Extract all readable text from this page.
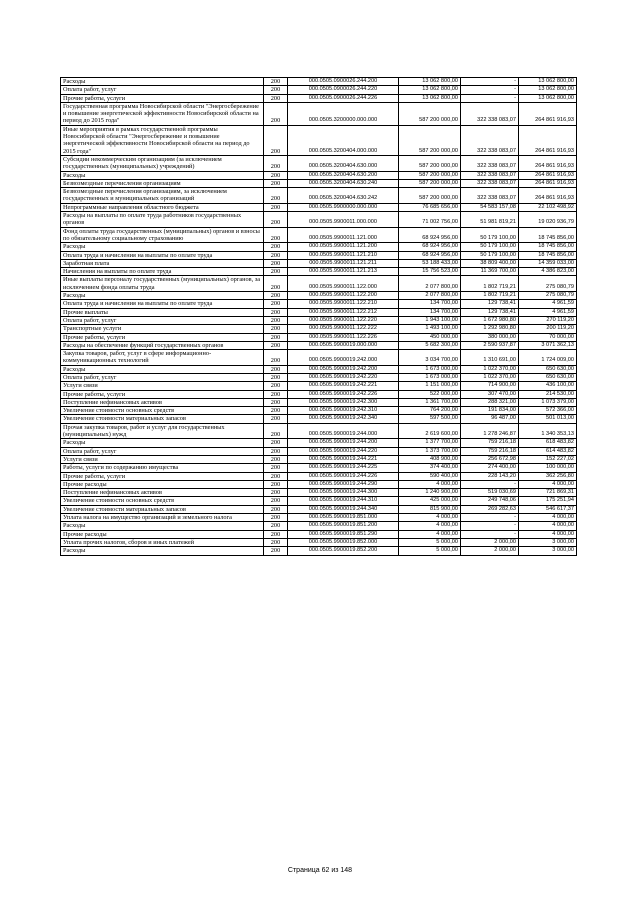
Расходы	200	000.0505.0900026.244.200	13 062 800,00	-	13 062 800,00
Оплата работ, услуг	200	000.0505.0900026.244.220	13 062 800,00	-	13 062 800,00
Прочие работы, услуги	200	000.0505.0900026.244.226	13 062 800,00	-	13 062 800,00
Государственная программа Новосибирской области "Энергосбережение и повышение энергетической эффективности Новосибирской области на период до 2015 года"	200	000.0505.3200000.000.000	587 200 000,00	322 338 083,07	264 861 916,93
Иные мероприятия в рамках государственной программы Новосибирской области "Энергосбережение и повышение энергетической эффективности Новосибирской области на период до 2015 года"	200	000.0505.3200404.000.000	587 200 000,00	322 338 083,07	264 861 916,93
Субсидии некоммерческим организациям (за исключением государственных (муниципальных) учреждений)	200	000.0505.3200404.630.000	587 200 000,00	322 338 083,07	264 861 916,93
Расходы	200	000.0505.3200404.630.200	587 200 000,00	322 338 083,07	264 861 916,93
Безвозмездные перечисления организациям	200	000.0505.3200404.630.240	587 200 000,00	322 338 083,07	264 861 916,93
Безвозмездные перечисления организациям, за исключением государственных и муниципальных организаций	200	000.0505.3200404.630.242	587 200 000,00	322 338 083,07	264 861 916,93
Непрограммные направления областного бюджета	200	000.0505.9900000.000.000	76 685 656,00	54 583 157,08	22 102 498,92
Расходы на выплаты по оплате труда работников государственных органов	200	000.0505.9900011.000.000	71 002 756,00	51 981 819,21	19 020 936,79
Фонд оплаты труда государственных (муниципальных) органов и взносы по обязательному социальному страхованию	200	000.0505.9900011.121.000	68 924 956,00	50 179 100,00	18 745 856,00
Расходы	200	000.0505.9900011.121.200	68 924 956,00	50 179 100,00	18 745 856,00
Оплата труда и начисления на выплаты по оплате труда	200	000.0505.9900011.121.210	68 924 956,00	50 179 100,00	18 745 856,00
Заработная плата	200	000.0505.9900011.121.211	53 188 433,00	38 809 400,00	14 359 033,00
Начисления на выплаты по оплате труда	200	000.0505.9900011.121.213	15 756 523,00	11 369 700,00	4 386 823,00
Иные выплаты персоналу государственных (муниципальных) органов, за исключением фонда оплаты труда	200	000.0505.9900011.122.000	2 077 800,00	1 802 719,21	275 080,79
Расходы	200	000.0505.9900011.122.200	2 077 800,00	1 802 719,21	275 080,79
Оплата труда и начисления на выплаты по оплате труда	200	000.0505.9900011.122.210	134 700,00	129 738,41	4 961,59
Прочие выплаты	200	000.0505.9900011.122.212	134 700,00	129 738,41	4 961,59
Оплата работ, услуг	200	000.0505.9900011.122.220	1 943 100,00	1 672 980,80	270 119,20
Транспортные услуги	200	000.0505.9900011.122.222	1 493 100,00	1 292 980,80	200 119,20
Прочие работы, услуги	200	000.0505.9900011.122.226	450 000,00	380 000,00	70 000,00
Расходы на обеспечение функций государственных органов	200	000.0505.9900019.000.000	5 682 300,00	2 590 937,87	3 071 362,13
Закупка товаров, работ, услуг в сфере информационно-коммуникационных технологий	200	000.0505.9900019.242.000	3 034 700,00	1 310 691,00	1 724 009,00
Расходы	200	000.0505.9900019.242.200	1 673 000,00	1 022 370,00	650 630,00
Оплата работ, услуг	200	000.0505.9900019.242.220	1 673 000,00	1 022 370,00	650 630,00
Услуги связи	200	000.0505.9900019.242.221	1 151 000,00	714 900,00	436 100,00
Прочие работы, услуги	200	000.0505.9900019.242.226	522 000,00	307 470,00	214 530,00
Поступление нефинансовых активов	200	000.0505.9900019.242.300	1 361 700,00	288 321,00	1 073 379,00
Увеличение стоимости основных средств	200	000.0505.9900019.242.310	764 200,00	191 834,00	572 366,00
Увеличение стоимости материальных запасов	200	000.0505.9900019.242.340	597 500,00	96 487,00	501 013,00
Прочая закупка товаров, работ и услуг для государственных (муниципальных) нужд	200	000.0505.9900019.244.000	2 619 600,00	1 278 246,87	1 340 353,13
Расходы	200	000.0505.9900019.244.200	1 377 700,00	759 216,18	618 483,82
Оплата работ, услуг	200	000.0505.9900019.244.220	1 373 700,00	759 216,18	614 483,82
Услуги связи	200	000.0505.9900019.244.221	408 900,00	256 672,98	152 227,02
Работы, услуги по содержанию имущества	200	000.0505.9900019.244.225	374 400,00	274 400,00	100 000,00
Прочие работы, услуги	200	000.0505.9900019.244.226	590 400,00	228 143,20	362 256,80
Прочие расходы	200	000.0505.9900019.244.290	4 000,00	-	4 000,00
Поступление нефинансовых активов	200	000.0505.9900019.244.300	1 240 900,00	519 030,69	721 869,31
Увеличение стоимости основных средств	200	000.0505.9900019.244.310	425 000,00	249 748,06	175 251,94
Увеличение стоимости материальных запасов	200	000.0505.9900019.244.340	815 900,00	269 282,63	546 617,37
Уплата налога на имущество организаций и земельного налога	200	000.0505.9900019.851.000	4 000,00	-	4 000,00
Расходы	200	000.0505.9900019.851.200	4 000,00	-	4 000,00
Прочие расходы	200	000.0505.9900019.851.290	4 000,00	-	4 000,00
Уплата прочих налогов, сборов и иных платежей	200	000.0505.9900019.852.000	5 000,00	2 000,00	3 000,00
Расходы	200	000.0505.9900019.852.200	5 000,00	2 000,00	3 000,00
Страница 62 из 148
